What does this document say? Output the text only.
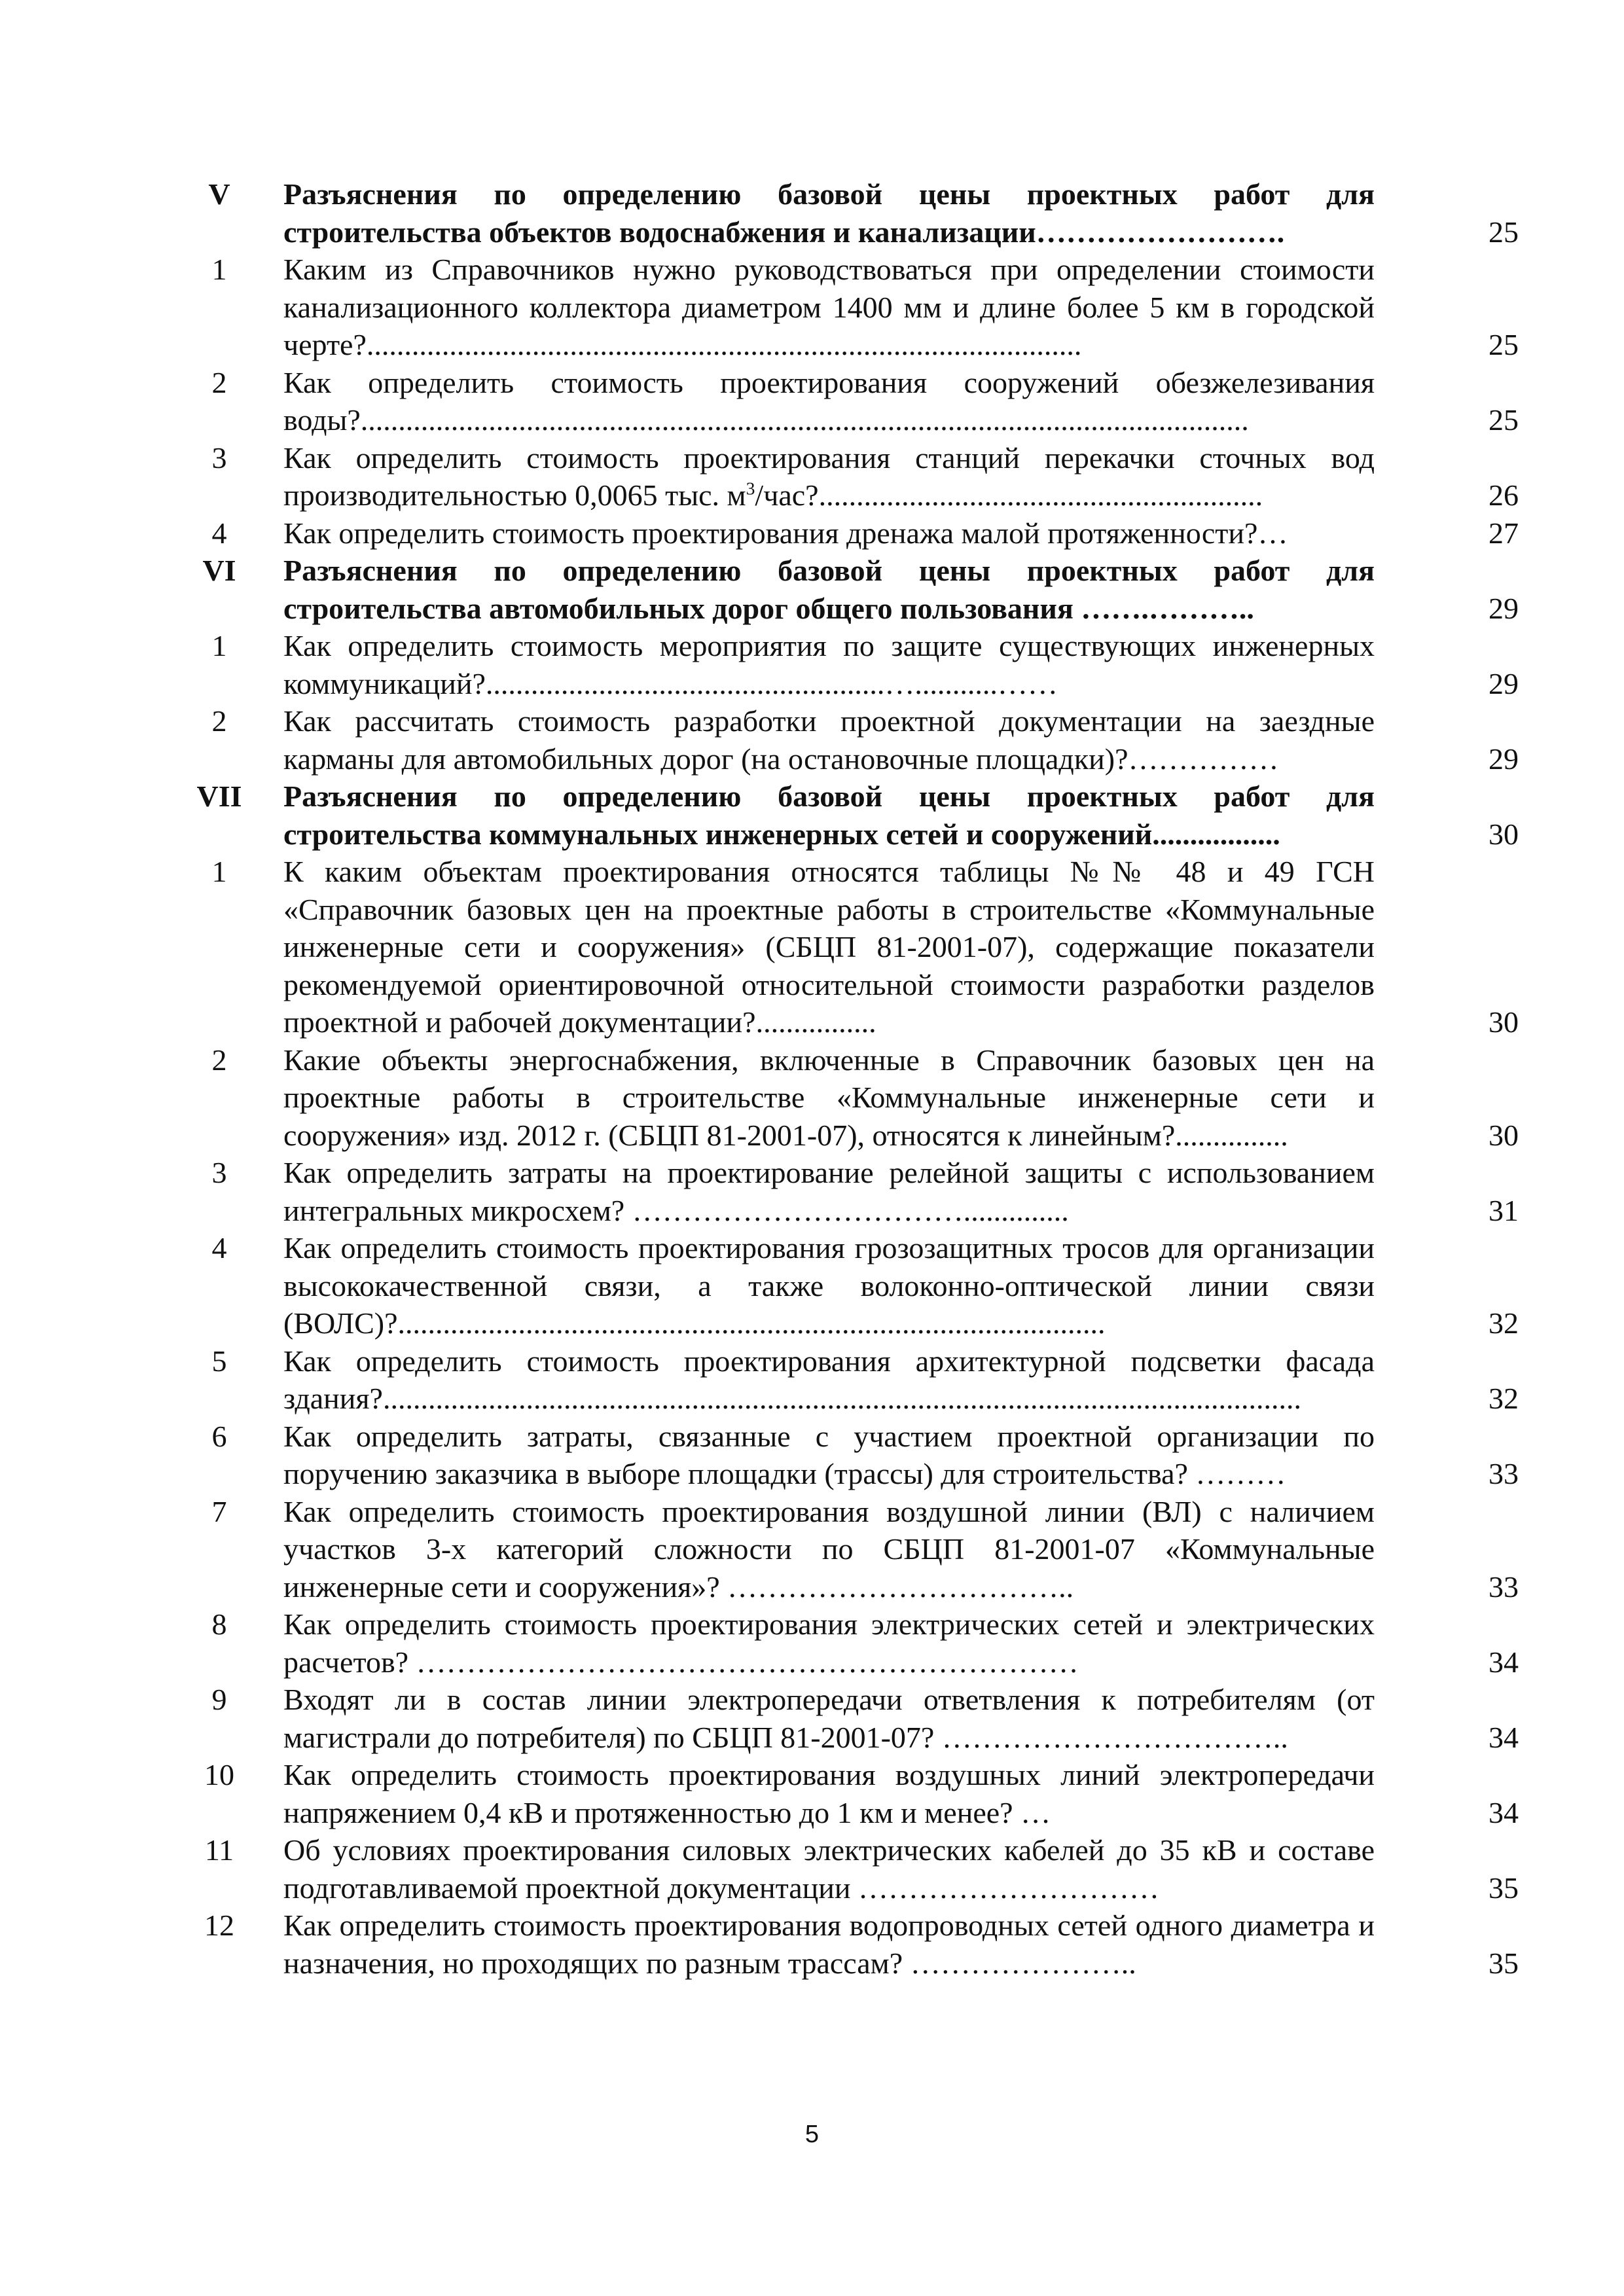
V	Разъяснения по определению базовой цены проектных работ для строительства объектов водоснабжения и канализации…………………….	25
1	Каким из Справочников нужно руководствоваться при определении стоимости канализационного коллектора диаметром 1400 мм и длине более 5 км в городской черте?...............................................................................................	25
2	Как определить стоимость проектирования сооружений обезжелезивания воды?......................................................................................................................	25
3	Как определить стоимость проектирования станций перекачки сточных вод производительностью 0,0065 тыс. $м^3$/час?...........................................................	26
4	Как определить стоимость проектирования дренажа малой протяженности?…	27
VI	Разъяснения по определению базовой цены проектных работ для строительства автомобильных дорог общего пользования …….………..	29
1	Как определить стоимость мероприятия по защите существующих инженерных коммуникаций?.....................................................…...........……	29
2	Как рассчитать стоимость разработки проектной документации на заездные карманы для автомобильных дорог (на остановочные площадки)?……………	29
VII	Разъяснения по определению базовой цены проектных работ для строительства коммунальных инженерных сетей и сооружений.................	30
1	К каким объектам проектирования относятся таблицы №№ 48 и 49 ГСН «Справочник базовых цен на проектные работы в строительстве «Коммунальные инженерные сети и сооружения» (СБЦП 81-2001-07), содержащие показатели рекомендуемой ориентировочной относительной стоимости разработки разделов проектной и рабочей документации?................	30
2	Какие объекты энергоснабжения, включенные в Справочник базовых цен на проектные работы в строительстве «Коммунальные инженерные сети и сооружения» изд. 2012 г. (СБЦП 81-2001-07), относятся к линейным?...............	30
3	Как определить затраты на проектирование релейной защиты с использованием интегральных микросхем? ……………………………..............	31
4	Как определить стоимость проектирования грозозащитных тросов для организации высококачественной связи, а также волоконно-оптической линии связи (ВОЛС)?..............................................................................................	32
5	Как определить стоимость проектирования архитектурной подсветки фасада здания?..........................................................................................................................	32
6	Как определить затраты, связанные с участием проектной организации по поручению заказчика в выборе площадки (трассы) для строительства? ………	33
7	Как определить стоимость проектирования воздушной линии (ВЛ) с наличием участков 3-х категорий сложности по СБЦП 81-2001-07 «Коммунальные инженерные сети и сооружения»? ……………………………..	33
8	Как определить стоимость проектирования электрических сетей и электрических расчетов? …………………………………………………………	34
9	Входят ли в состав линии электропередачи ответвления к потребителям (от магистрали до потребителя) по СБЦП 81-2001-07? ……………………………..	34
10	Как определить стоимость проектирования воздушных линий электропередачи напряжением 0,4 кВ и протяженностью до 1 км и менее? …	34
11	Об условиях проектирования силовых электрических кабелей до 35 кВ и составе подготавливаемой проектной документации …………………………	35
12	Как определить стоимость проектирования водопроводных сетей одного диаметра и назначения, но проходящих по разным трассам? …………………..	35
5
